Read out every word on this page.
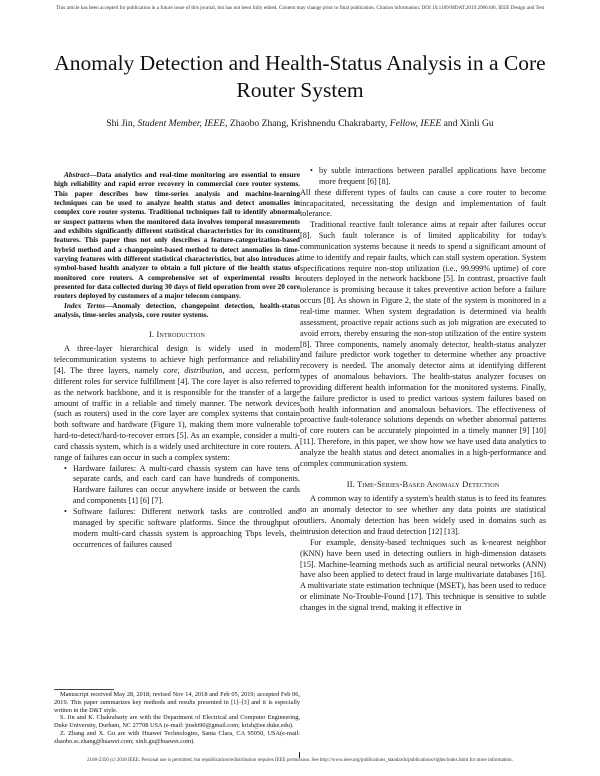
This article has been accepted for publication in a future issue of this journal, but has not been fully edited. Content may change prior to final publication. Citation information: DOI 10.1109/MDAT.2019.2906106, IEEE Design and Test
Anomaly Detection and Health-Status Analysis in a Core Router System
Shi Jin, Student Member, IEEE, Zhaobo Zhang, Krishnendu Chakrabarty, Fellow, IEEE and Xinli Gu

Abstract—Data analytics and real-time monitoring are essential to ensure high reliability and rapid error recovery in commercial core router systems. This paper describes how time-series analysis and machine-learning techniques can be used to analyze health status and detect anomalies in complex core router systems. Traditional techniques fail to identify abnormal or suspect patterns when the monitored data involves temporal measurements and exhibits significantly different statistical characteristics for its constituent features. This paper thus not only describes a feature-categorization-based hybrid method and a changepoint-based method to detect anomalies in time-varying features with different statistical characteristics, but also introduces a symbol-based health analyzer to obtain a full picture of the health status of monitored core routers. A comprehensive set of experimental results is presented for data collected during 30 days of field operation from over 20 core routers deployed by customers of a major telecom company.

Index Terms—Anomaly detection, changepoint detection, health-status analysis, time-series analysis, core router systems.

I. Introduction

A three-layer hierarchical design is widely used in modern telecommunication systems to achieve high performance and reliability [4]. The three layers, namely core, distribution, and access, perform different roles for service fulfillment [4]. The core layer is also referred to as the network backbone, and it is responsible for the transfer of a large amount of traffic in a reliable and timely manner. The network devices (such as routers) used in the core layer are complex systems that contain both software and hardware (Figure 1), making them more vulnerable to hard-to-detect/hard-to-recover errors [5]. As an example, consider a multi-card chassis system, which is a widely used architecture in core routers. A range of failures can occur in such a complex system:

• Hardware failures: A multi-card chassis system can have tens of separate cards, and each card can have hundreds of components. Hardware failures can occur anywhere inside or between the cards and components [1] [6] [7].
• Software failures: Different network tasks are controlled and managed by specific software platforms. Since the throughput of modern multi-card chassis system is approaching Tbps levels, the occurrences of failures caused
• by subtle interactions between parallel applications have become more frequent [6] [8].

All these different types of faults can cause a core router to become incapacitated, necessitating the design and implementation of fault tolerance.

Traditional reactive fault tolerance aims at repair after failures occur [8]. Such fault tolerance is of limited applicability for today's communication systems because it needs to spend a significant amount of time to identify and repair faults, which can stall system operation. System specifications require non-stop utilization (i.e., 99.999% uptime) of core routers deployed in the network backbone [5]. In contrast, proactive fault tolerance is promising because it takes preventive action before a failure occurs [8]. As shown in Figure 2, the state of the system is monitored in a real-time manner. When system degradation is determined via health assessment, proactive repair actions such as job migration are executed to avoid errors, thereby ensuring the non-stop utilization of the entire system [8]. Three components, namely anomaly detector, health-status analyzer and failure predictor work together to determine whether any proactive recovery is needed. The anomaly detector aims at identifying different types of anomalous behaviors. The health-status analyzer focuses on providing different health information for the monitored systems. Finally, the failure predictor is used to predict various system failures based on both health information and anomalous behaviors. The effectiveness of proactive fault-tolerance solutions depends on whether abnormal patterns of core routers can be accurately pinpointed in a timely manner [9] [10] [11]. Therefore, in this paper, we show how we have used data analytics to analyze the health status and detect anomalies in a high-performance and complex communication system.

II. Time-Series-Based Anomaly Detection

A common way to identify a system's health status is to feed its features to an anomaly detector to see whether any data points are statistical outliers. Anomaly detection has been widely used in domains such as intrusion detection and fraud detection [12] [13].

For example, density-based techniques such as k-nearest neighbor (KNN) have been used in detecting outliers in high-dimension datasets [15]. Machine-learning methods such as artificial neural networks (ANN) have also been applied to detect fraud in large multivariate databases [16]. A multivariate state estimation technique (MSET), has been used to reduce or eliminate No-Trouble-Found [17]. This technique is sensitive to subtle changes in the signal trend, making it effective in

Manuscript received May 28, 2018; revised Nov 14, 2018 and Feb 05, 2019; accepted Feb 06, 2019. This paper summarizes key methods and results presented in [1]–[3] and it is especially written in the D&T style.

S. Jin and K. Chakrabarty are with the Department of Electrical and Computer Engineering, Duke University, Durham, NC 27708 USA (e-mail: jinshi90@gmail.com; krish@ee.duke.edu).

Z. Zhang and X. Gu are with Huawei Technologies, Santa Clara, CA 95050, USA(e-mail: zhaobo.sc.zhang@huawei.com; xinli.gu@huawei.com).

2168-2356 (c) 2018 IEEE. Personal use is permitted, but republication/redistribution requires IEEE permission. See http://www.ieee.org/publications_standards/publications/rights/index.html for more information.
